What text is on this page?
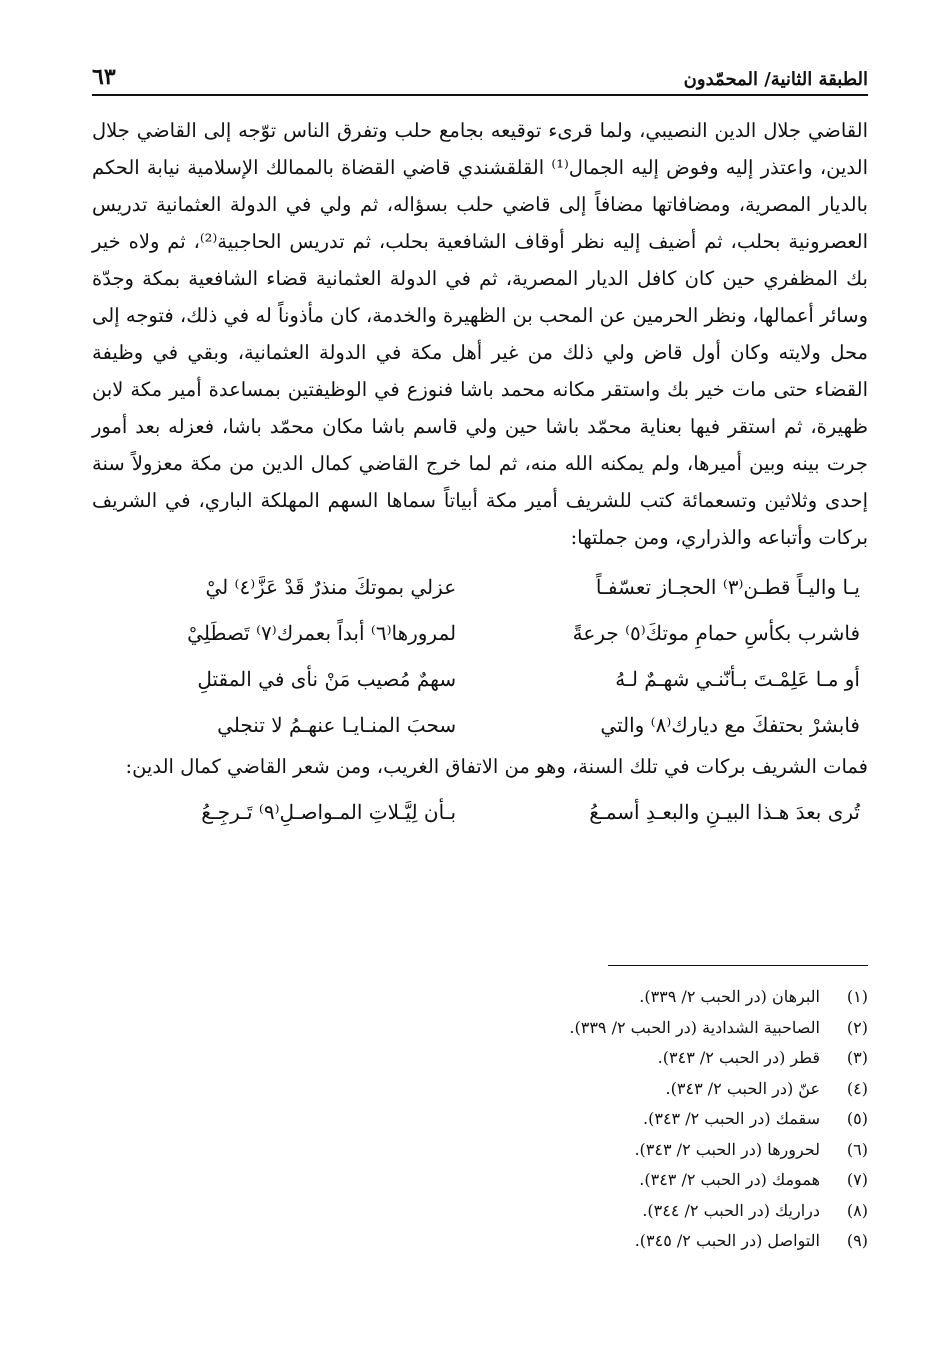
الطبقة الثانية/ المحمّدون
٦٣

القاضي جلال الدين النصيبي، ولما قرىء توقيعه بجامع حلب وتفرق الناس توّجه إلى القاضي جلال الدين، واعتذر إليه وفوض إليه الجمال⁽¹⁾ القلقشندي قاضي القضاة بالممالك الإسلامية نيابة الحكم بالديار المصرية، ومضافاتها مضافاً إلى قاضي حلب بسؤاله، ثم ولي في الدولة العثمانية تدريس العصرونية بحلب، ثم أضيف إليه نظر أوقاف الشافعية بحلب، ثم تدريس الحاجبية⁽²⁾، ثم ولاه خير بك المظفري حين كان كافل الديار المصرية، ثم في الدولة العثمانية قضاء الشافعية بمكة وجدّة وسائر أعمالها، ونظر الحرمين عن المحب بن الظهيرة والخدمة، كان مأذوناً له في ذلك، فتوجه إلى محل ولايته وكان أول قاض ولي ذلك من غير أهل مكة في الدولة العثمانية، وبقي في وظيفة القضاء حتى مات خير بك واستقر مكانه محمد باشا فنوزع في الوظيفتين بمساعدة أمير مكة لابن ظهيرة، ثم استقر فيها بعناية محمّد باشا حين ولي قاسم باشا مكان محمّد باشا، فعزله بعد أمور جرت بينه وبين أميرها، ولم يمكنه الله منه، ثم لما خرج القاضي كمال الدين من مكة معزولاً سنة إحدى وثلاثين وتسعمائة كتب للشريف أمير مكة أبياتاً سماها السهم المهلكة الباري، في الشريف بركات وأتباعه والذراري، ومن جملتها:

يـا واليـاً قطـن⁽٣⁾ الحجـاز تعسّفـاً
عزلي بموتكَ منذرٌ قَدْ عَزَّ⁽٤⁾ ليْ
فاشرب بكأسِ حمامِ موتكَ⁽٥⁾ جرعةً
لمرورها⁽٦⁾ أبداً بعمرك⁽٧⁾ تَصطَلِيْ
أو مـا عَلِمْـتَ بـأنّنـي شهـمٌ لـهُ
سهمٌ مُصيب مَنْ نأى في المقتلِ
فابشرْ بحتفكَ مع ديارك⁽٨⁾ والتي
سحبَ المنـايـا عنهـمُ لا تنجلي

فمات الشريف بركات في تلك السنة، وهو من الاتفاق الغريب، ومن شعر القاضي كمال الدين:

تُرى بعدَ هـذا البيـنِ والبعـدِ أسمـعُ
بـأن لِيَّـلاتِ المـواصـلِ⁽٩⁾ تَـرجِـعُ
(١)
البرهان (در الحبب ٢/ ٣٣٩).
(٢)
الصاحبية الشدادية (در الحبب ٢/ ٣٣٩).
(٣)
قطر (در الحبب ٢/ ٣٤٣).
(٤)
عنّ (در الحبب ٢/ ٣٤٣).
(٥)
سقمك (در الحبب ٢/ ٣٤٣).
(٦)
لحرورها (در الحبب ٢/ ٣٤٣).
(٧)
همومك (در الحبب ٢/ ٣٤٣).
(٨)
دراريك (در الحبب ٢/ ٣٤٤).
(٩)
التواصل (در الحبب ٢/ ٣٤٥).
